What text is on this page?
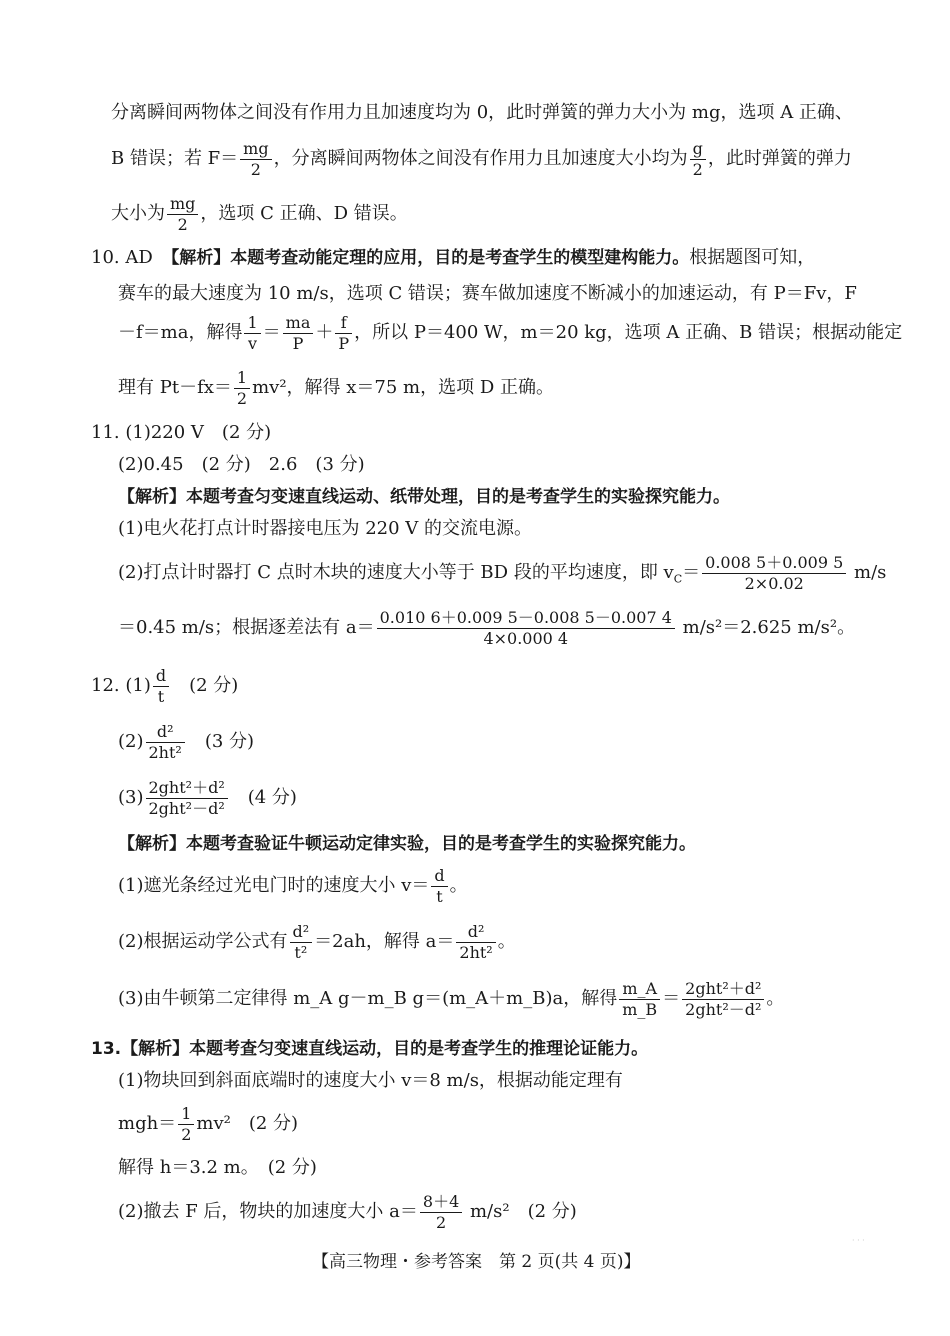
分离瞬间两物体之间没有作用力且加速度均为 0，此时弹簧的弹力大小为 mg，选项 A 正确、
B 错误；若 $F= \frac{mg}{2}$ ，分离瞬间两物体之间没有作用力且加速度大小均为 $\frac{g}{2}$ ，此时弹簧的弹力
大小为 $\frac{mg}{2}$ ，选项 C 正确、D 错误。
10. AD　【解析】本题考查动能定理的应用，目的是考查学生的模型建构能力。根据题图可知，
赛车的最大速度为 10 m/s，选项 C 错误；赛车做加速度不断减小的加速运动，有 P＝Fv，F
－f＝ma，解得 $\frac{1}{v} = \frac{ma}{P} + \frac{f}{P}$ ，所以 P＝400 W，m＝20 kg，选项 A 正确、B 错误；根据动能定
理有 $Pt-fx= \frac{1}{2} mv^2$，解得 x＝75 m，选项 D 正确。
11. (1)220 V　(2 分)
(2)0.45　(2 分)　2.6　(3 分)
【解析】本题考查匀变速直线运动、纸带处理，目的是考查学生的实验探究能力。
(1)电火花打点计时器接电压为 220 V 的交流电源。
(2)打点计时器打 C 点时木块的速度大小等于 BD 段的平均速度，即 $v_C= \frac{0.008 5+0.009 5}{2\times 0.02} m/s$
＝0.45 m/s；根据逐差法有 $a= \frac{0.010 6+0.009 5-0.008 5-0.007 4}{4\times 0.000 4} m/s^2=2.625$ m/s²。
12. $(1) \frac{d}{t}$ 　(2 分)
$(2) \frac{\text{d²}}{\text{2ht²}}$ 　(3 分)
$(3) \frac{\text{2ght²＋d²}}{\text{2ght²－d²}}$ 　(4 分)
【解析】本题考查验证牛顿运动定律实验，目的是考查学生的实验探究能力。
(1)遮光条经过光电门时的速度大小 $v= \frac{d}{t}$ 。
(2)根据运动学公式有 $\frac{\text{d²}}{\text{t²}} =2ah$，解得 $a= \frac{\text{d²}}{\text{2ht²}}$ 。
(3)由牛顿第二定律得 m_A g－m_B g＝(m_A＋m_B)a，解得 $\frac{m\_A}{m\_B} = \frac{\text{2ght²＋d²}}{\text{2ght²－d²}}$ 。
13.【解析】本题考查匀变速直线运动，目的是考查学生的推理论证能力。
(1)物块回到斜面底端时的速度大小 v＝8 m/s，根据动能定理有
$mgh= \frac{1}{2} mv^2$　(2 分)
解得 h＝3.2 m。　(2 分)
(2)撤去 F 后，物块的加速度大小 $a= \frac{8+4}{2} m/s^2$　(2 分)
【高三物理・参考答案　第 2 页(共 4 页)】
· · ·
